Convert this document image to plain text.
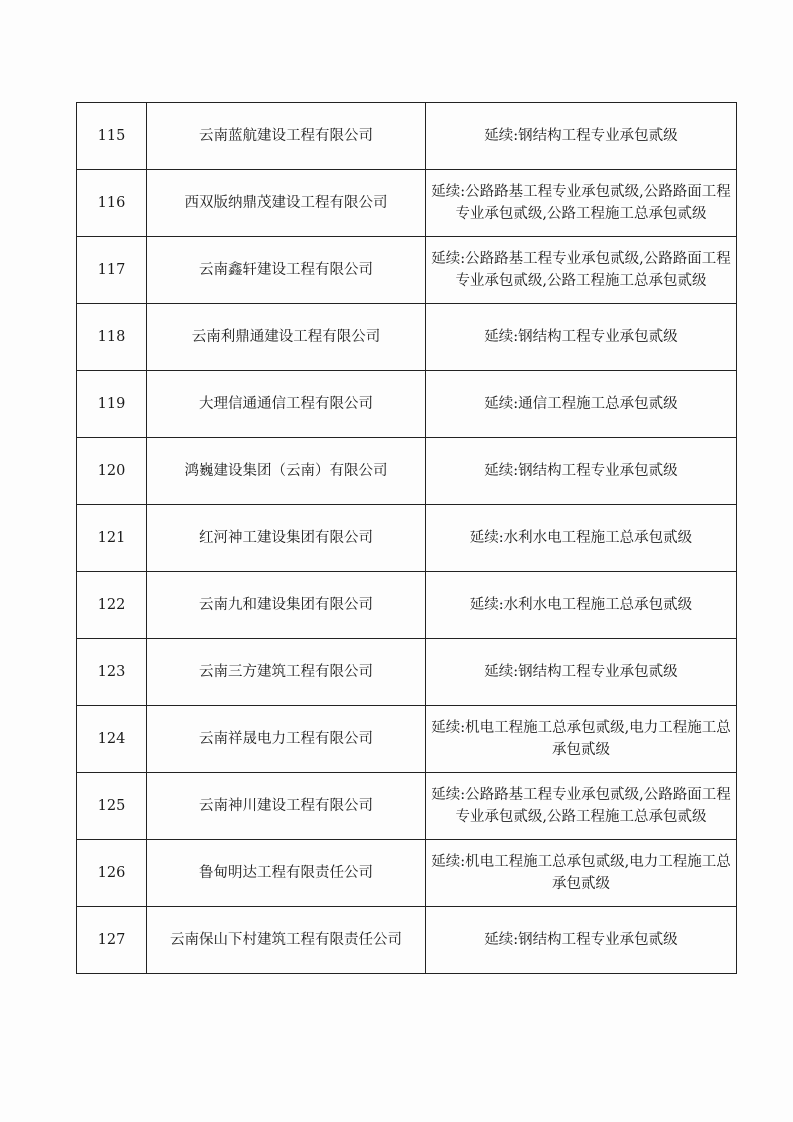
115	云南蓝航建设工程有限公司	延续:钢结构工程专业承包贰级
116	西双版纳鼎茂建设工程有限公司	延续:公路路基工程专业承包贰级,公路路面工程专业承包贰级,公路工程施工总承包贰级
117	云南鑫轩建设工程有限公司	延续:公路路基工程专业承包贰级,公路路面工程专业承包贰级,公路工程施工总承包贰级
118	云南利鼎通建设工程有限公司	延续:钢结构工程专业承包贰级
119	大理信通通信工程有限公司	延续:通信工程施工总承包贰级
120	鸿巍建设集团（云南）有限公司	延续:钢结构工程专业承包贰级
121	红河神工建设集团有限公司	延续:水利水电工程施工总承包贰级
122	云南九和建设集团有限公司	延续:水利水电工程施工总承包贰级
123	云南三方建筑工程有限公司	延续:钢结构工程专业承包贰级
124	云南祥晟电力工程有限公司	延续:机电工程施工总承包贰级,电力工程施工总承包贰级
125	云南神川建设工程有限公司	延续:公路路基工程专业承包贰级,公路路面工程专业承包贰级,公路工程施工总承包贰级
126	鲁甸明达工程有限责任公司	延续:机电工程施工总承包贰级,电力工程施工总承包贰级
127	云南保山下村建筑工程有限责任公司	延续:钢结构工程专业承包贰级
